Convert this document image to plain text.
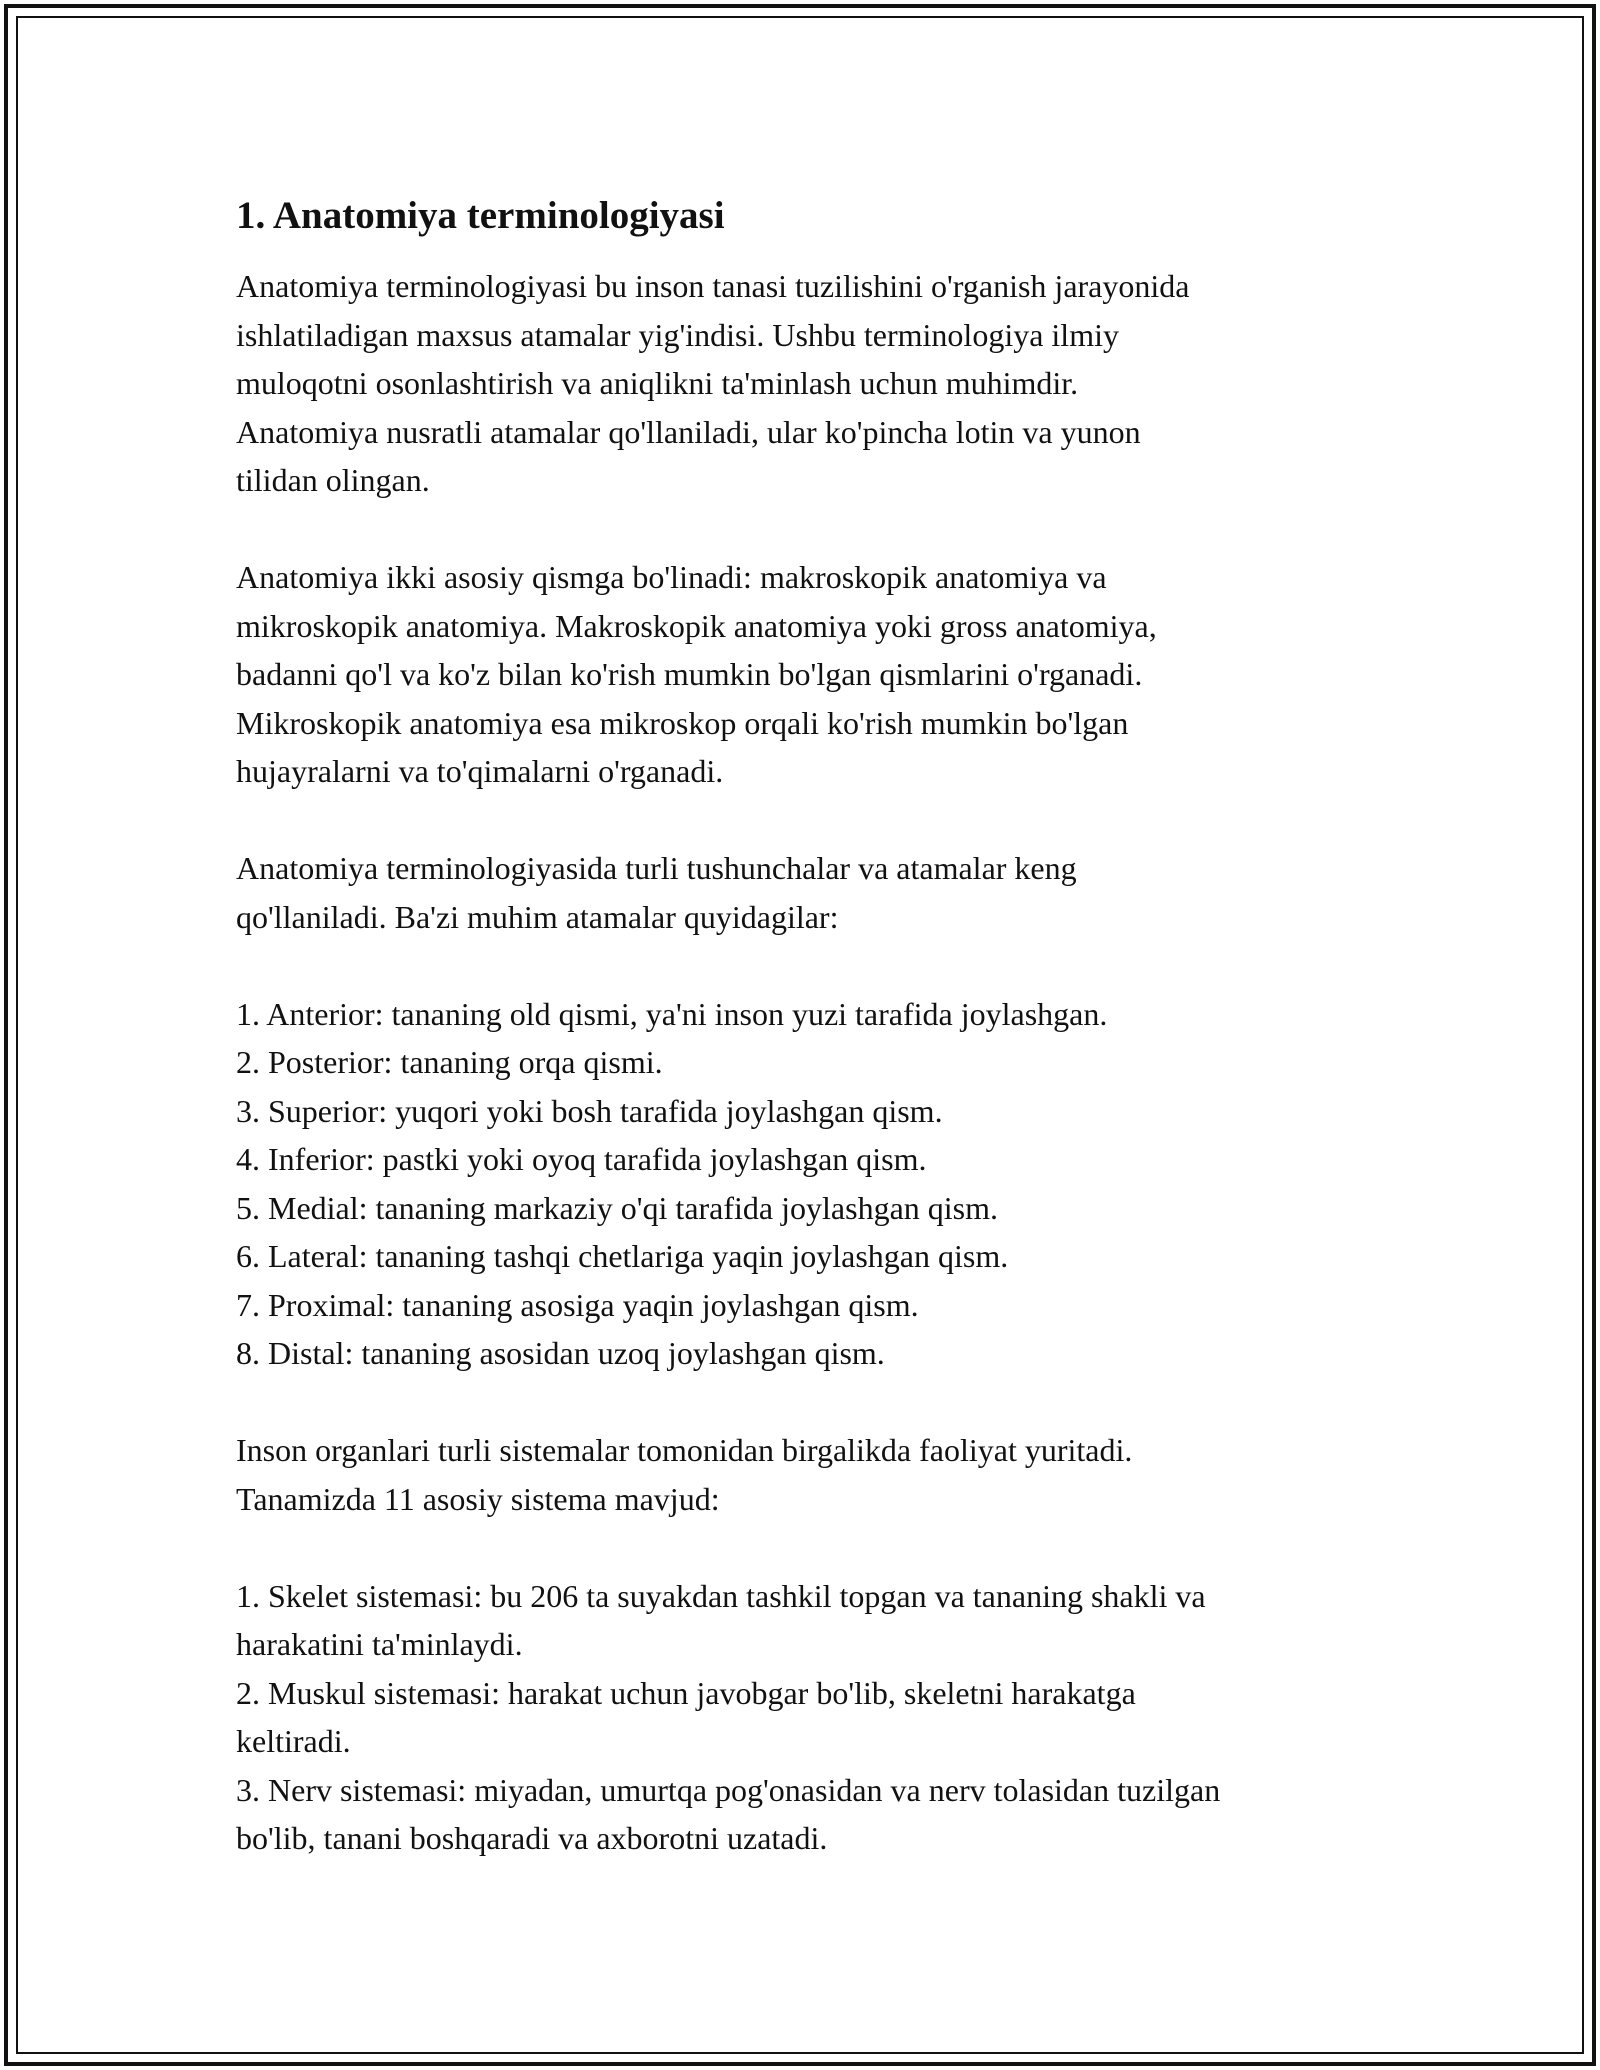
1. Anatomiya terminologiyasi
Anatomiya terminologiyasi bu inson tanasi tuzilishini o'rganish jarayonida
ishlatiladigan maxsus atamalar yig'indisi. Ushbu terminologiya ilmiy
muloqotni osonlashtirish va aniqlikni ta'minlash uchun muhimdir.
Anatomiya nusratli atamalar qo'llaniladi, ular ko'pincha lotin va yunon
tilidan olingan.
Anatomiya ikki asosiy qismga bo'linadi: makroskopik anatomiya va
mikroskopik anatomiya. Makroskopik anatomiya yoki gross anatomiya,
badanni qo'l va ko'z bilan ko'rish mumkin bo'lgan qismlarini o'rganadi.
Mikroskopik anatomiya esa mikroskop orqali ko'rish mumkin bo'lgan
hujayralarni va to'qimalarni o'rganadi.
Anatomiya terminologiyasida turli tushunchalar va atamalar keng
qo'llaniladi. Ba'zi muhim atamalar quyidagilar:
1. Anterior: tananing old qismi, ya'ni inson yuzi tarafida joylashgan.
2. Posterior: tananing orqa qismi.
3. Superior: yuqori yoki bosh tarafida joylashgan qism.
4. Inferior: pastki yoki oyoq tarafida joylashgan qism.
5. Medial: tananing markaziy o'qi tarafida joylashgan qism.
6. Lateral: tananing tashqi chetlariga yaqin joylashgan qism.
7. Proximal: tananing asosiga yaqin joylashgan qism.
8. Distal: tananing asosidan uzoq joylashgan qism.
Inson organlari turli sistemalar tomonidan birgalikda faoliyat yuritadi.
Tanamizda 11 asosiy sistema mavjud:
1. Skelet sistemasi: bu 206 ta suyakdan tashkil topgan va tananing shakli va
harakatini ta'minlaydi.
2. Muskul sistemasi: harakat uchun javobgar bo'lib, skeletni harakatga
keltiradi.
3. Nerv sistemasi: miyadan, umurtqa pog'onasidan va nerv tolasidan tuzilgan
bo'lib, tanani boshqaradi va axborotni uzatadi.
